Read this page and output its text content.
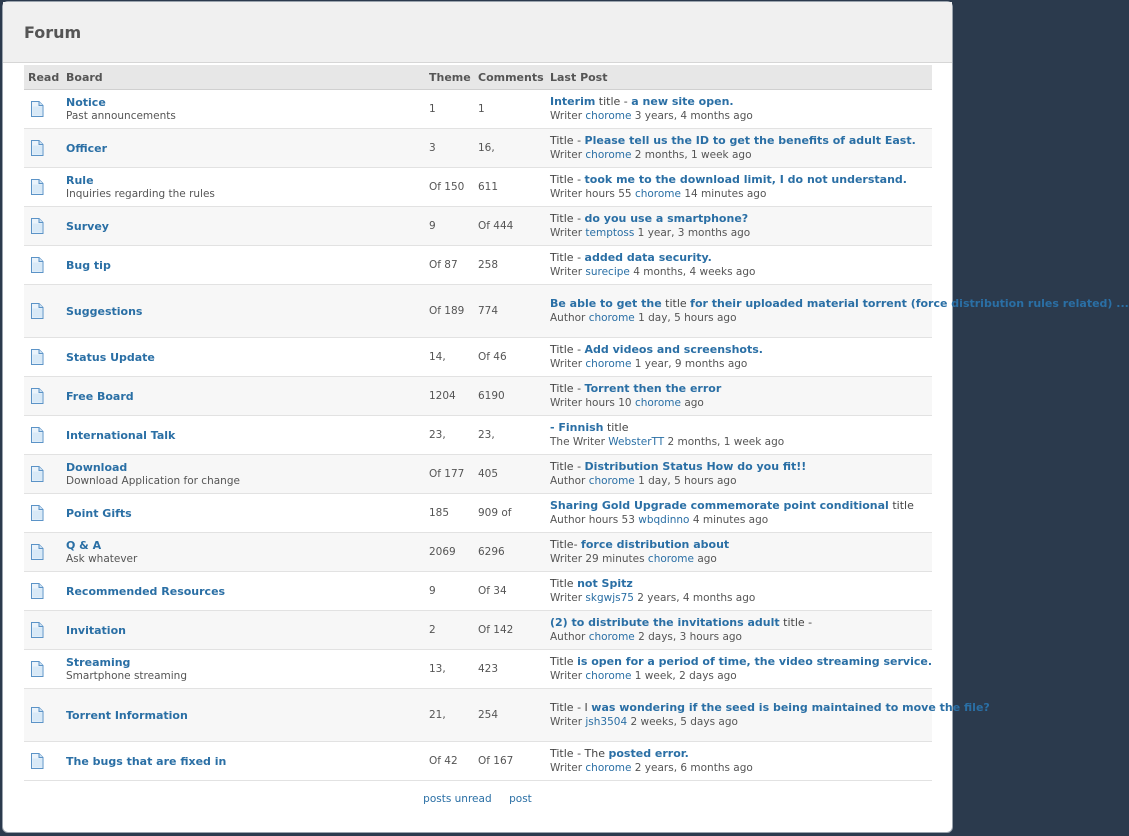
Forum
Read	Board	Theme	Comments	Last Post

Notice
Past announcements	1	1	Interim title - a new site open.
Writer chorome 3 years, 4 months ago

Officer	3	16,	Title - Please tell us the ID to get the benefits of adult East.
Writer chorome 2 months, 1 week ago

Rule
Inquiries regarding the rules	Of 150	611	Title - took me to the download limit, I do not understand.
Writer hours 55 chorome 14 minutes ago

Survey	9	Of 444	Title - do you use a smartphone?
Writer temptoss 1 year, 3 months ago

Bug tip	Of 87	258	Title - added data security.
Writer surecipe 4 months, 4 weeks ago

Suggestions	Of 189	774	Be able to get the title for their uploaded material torrent (force distribution rules related) ...
Author chorome 1 day, 5 hours ago

Status Update	14,	Of 46	Title - Add videos and screenshots.
Writer chorome 1 year, 9 months ago

Free Board	1204	6190	Title - Torrent then the error
Writer hours 10 chorome ago

International Talk	23,	23,	- Finnish title
The Writer WebsterTT 2 months, 1 week ago

Download
Download Application for change	Of 177	405	Title - Distribution Status How do you fit!!
Author chorome 1 day, 5 hours ago

Point Gifts	185	909 of	Sharing Gold Upgrade commemorate point conditional title
Author hours 53 wbqdinno 4 minutes ago

Q & A
Ask whatever	2069	6296	Title- force distribution about
Writer 29 minutes chorome ago

Recommended Resources	9	Of 34	Title not Spitz
Writer skgwjs75 2 years, 4 months ago

Invitation	2	Of 142	(2) to distribute the invitations adult title -
Author chorome 2 days, 3 hours ago

Streaming
Smartphone streaming	13,	423	Title is open for a period of time, the video streaming service.
Writer chorome 1 week, 2 days ago

Torrent Information	21,	254	Title - I was wondering if the seed is being maintained to move the file?
Writer jsh3504 2 weeks, 5 days ago

The bugs that are fixed in	Of 42	Of 167	Title - The posted error.
Writer chorome 2 years, 6 months ago
posts unread post
